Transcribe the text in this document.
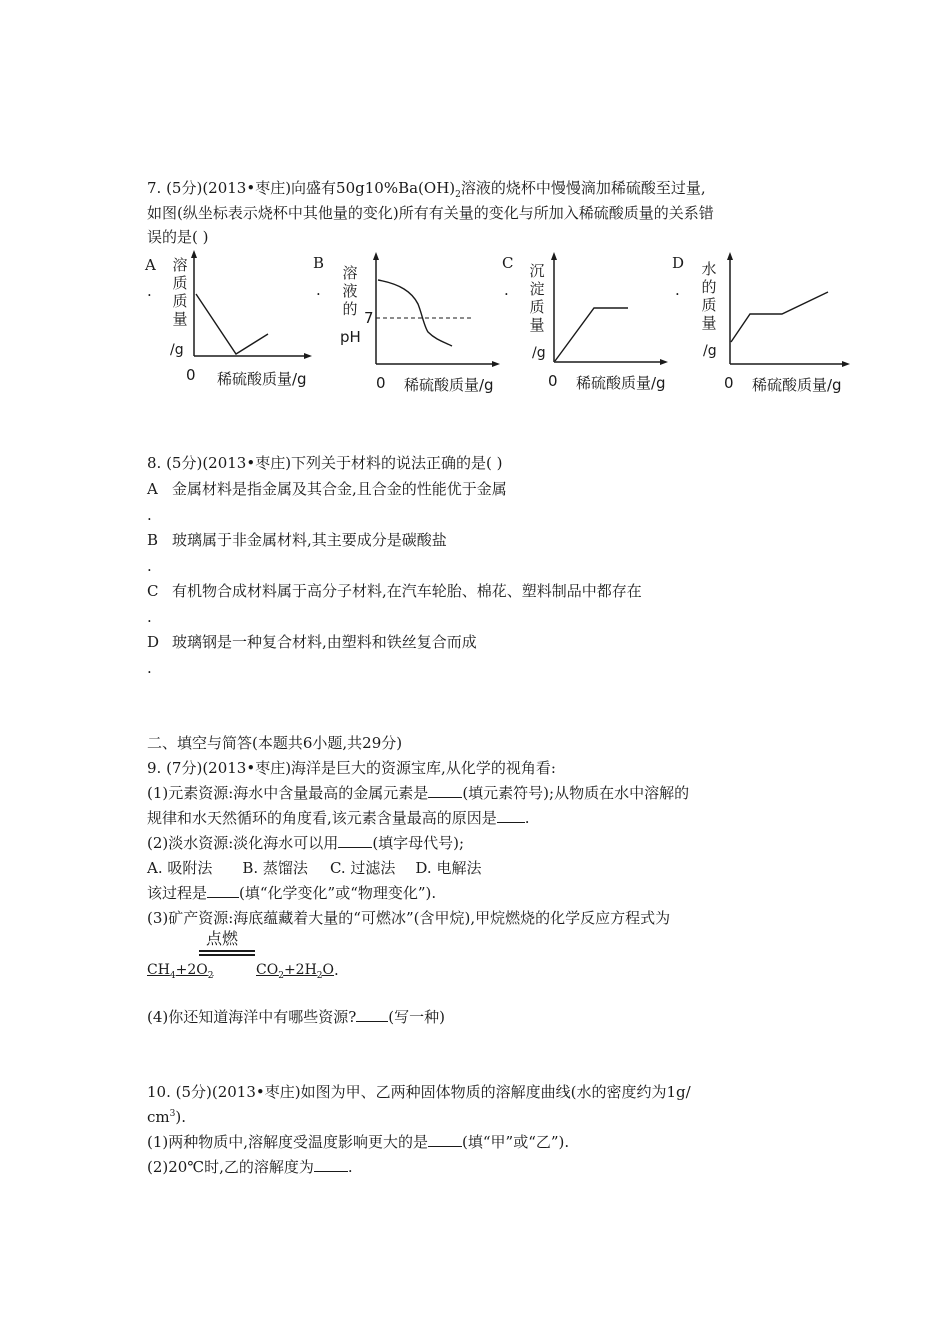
7. (5分)(2013•枣庄)向盛有$50g10\%Ba(OH)_2$溶液的烧杯中慢慢滴加稀硫酸至过量,
如图(纵坐标表示烧杯中其他量的变化)所有有关量的变化与所加入稀硫酸质量的关系错
误的是( )
A
.
溶
质
质
量
/g
0 稀硫酸质量/g
B
.
溶
液
的
pH
7
0 稀硫酸质量/g
C
.
沉
淀
质
量
/g
0 稀硫酸质量/g
D
.
水
的
质
量
/g
0 稀硫酸质量/g
8. (5分)(2013•枣庄)下列关于材料的说法正确的是( )
A 金属材料是指金属及其合金,且合金的性能优于金属
.
B 玻璃属于非金属材料,其主要成分是碳酸盐
.
C 有机物合成材料属于高分子材料,在汽车轮胎、棉花、塑料制品中都存在
.
D 玻璃钢是一种复合材料,由塑料和铁丝复合而成
.
二、填空与简答(本题共6小题,共29分)
9. (7分)(2013•枣庄)海洋是巨大的资源宝库,从化学的视角看:
(1)元素资源:海水中含量最高的金属元素是 (填元素符号);从物质在水中溶解的
规律和水天然循环的角度看,该元素含量最高的原因是 .
(2)淡水资源:淡化海水可以用 (填字母代号);
A. 吸附法 B. 蒸馏法 C. 过滤法 D. 电解法
该过程是 (填“化学变化”或“物理变化”).
(3)矿产资源:海底蕴藏着大量的“可燃冰”(含甲烷),甲烷燃烧的化学反应方程式为
点燃
$CH_4+2O_2$	$CO_2+2H_2O$ .
(4)你还知道海洋中有哪些资源? (写一种)
10. (5分)(2013•枣庄)如图为甲、乙两种固体物质的溶解度曲线(水的密度约为1g/
$cm^3$).
(1)两种物质中,溶解度受温度影响更大的是 (填“甲”或“乙”).
(2)20℃时,乙的溶解度为 .
